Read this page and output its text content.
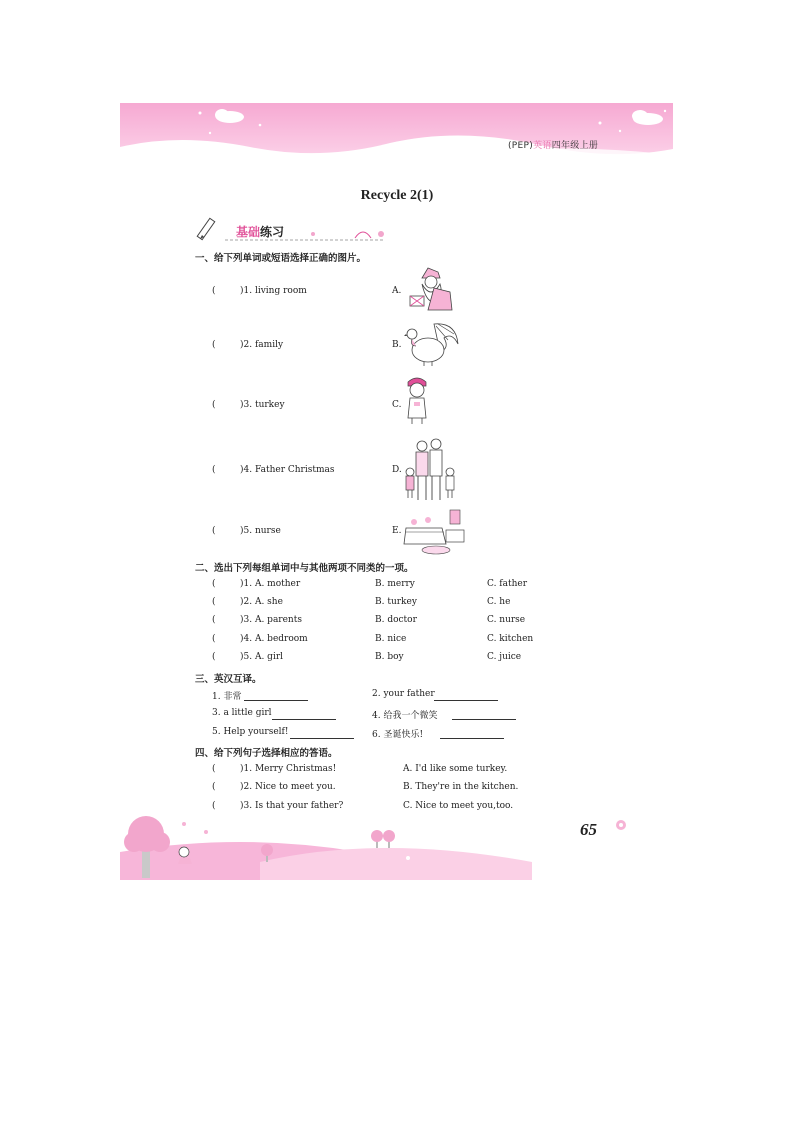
(PEP)英语四年级上册
Recycle 2(1)
基础练习
一、给下列单词或短语选择正确的图片。
(	)1. living room	A.
(	)2. family	B.
(	)3. turkey	C.
(	)4. Father Christmas	D.
(	)5. nurse	E.
二、选出下列每组单词中与其他两项不同类的一项。
(	)1. A. mother	B. merry	C. father
(	)2. A. she	B. turkey	C. he
(	)3. A. parents	B. doctor	C. nurse
(	)4. A. bedroom	B. nice	C. kitchen
(	)5. A. girl	B. boy	C. juice
三、英汉互译。
1. 非常	2. your father
3. a little girl	4. 给我一个微笑
5. Help yourself!	6. 圣诞快乐!
四、给下列句子选择相应的答语。
(	)1. Merry Christmas!	A. I'd like some turkey.
(	)2. Nice to meet you.	B. They're in the kitchen.
(	)3. Is that your father?	C. Nice to meet you,too.
65
